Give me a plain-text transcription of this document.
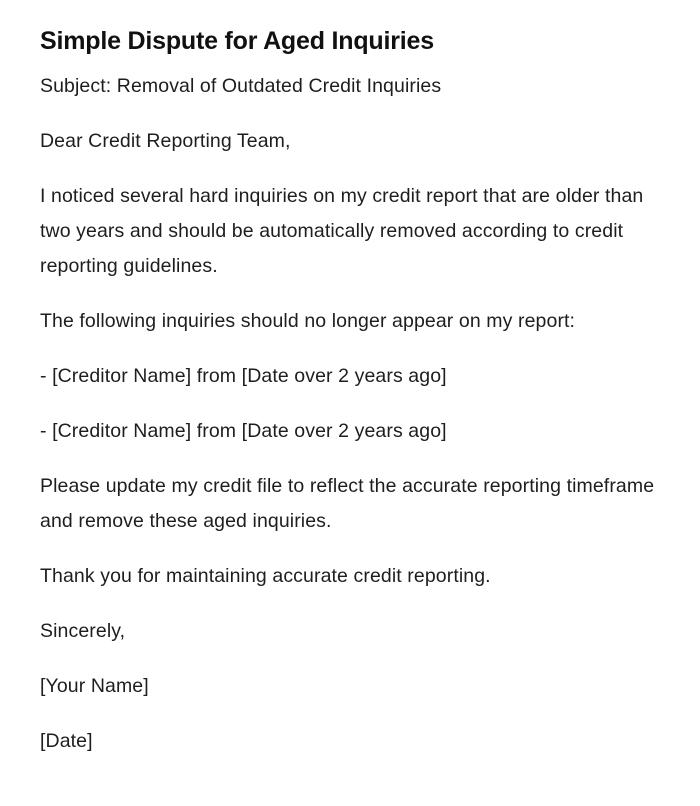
Simple Dispute for Aged Inquiries

Subject: Removal of Outdated Credit Inquiries

Dear Credit Reporting Team,

I noticed several hard inquiries on my credit report that are older than two years and should be automatically removed according to credit reporting guidelines.

The following inquiries should no longer appear on my report:

- [Creditor Name] from [Date over 2 years ago]

- [Creditor Name] from [Date over 2 years ago]

Please update my credit file to reflect the accurate reporting timeframe and remove these aged inquiries.

Thank you for maintaining accurate credit reporting.

Sincerely,

[Your Name]

[Date]
